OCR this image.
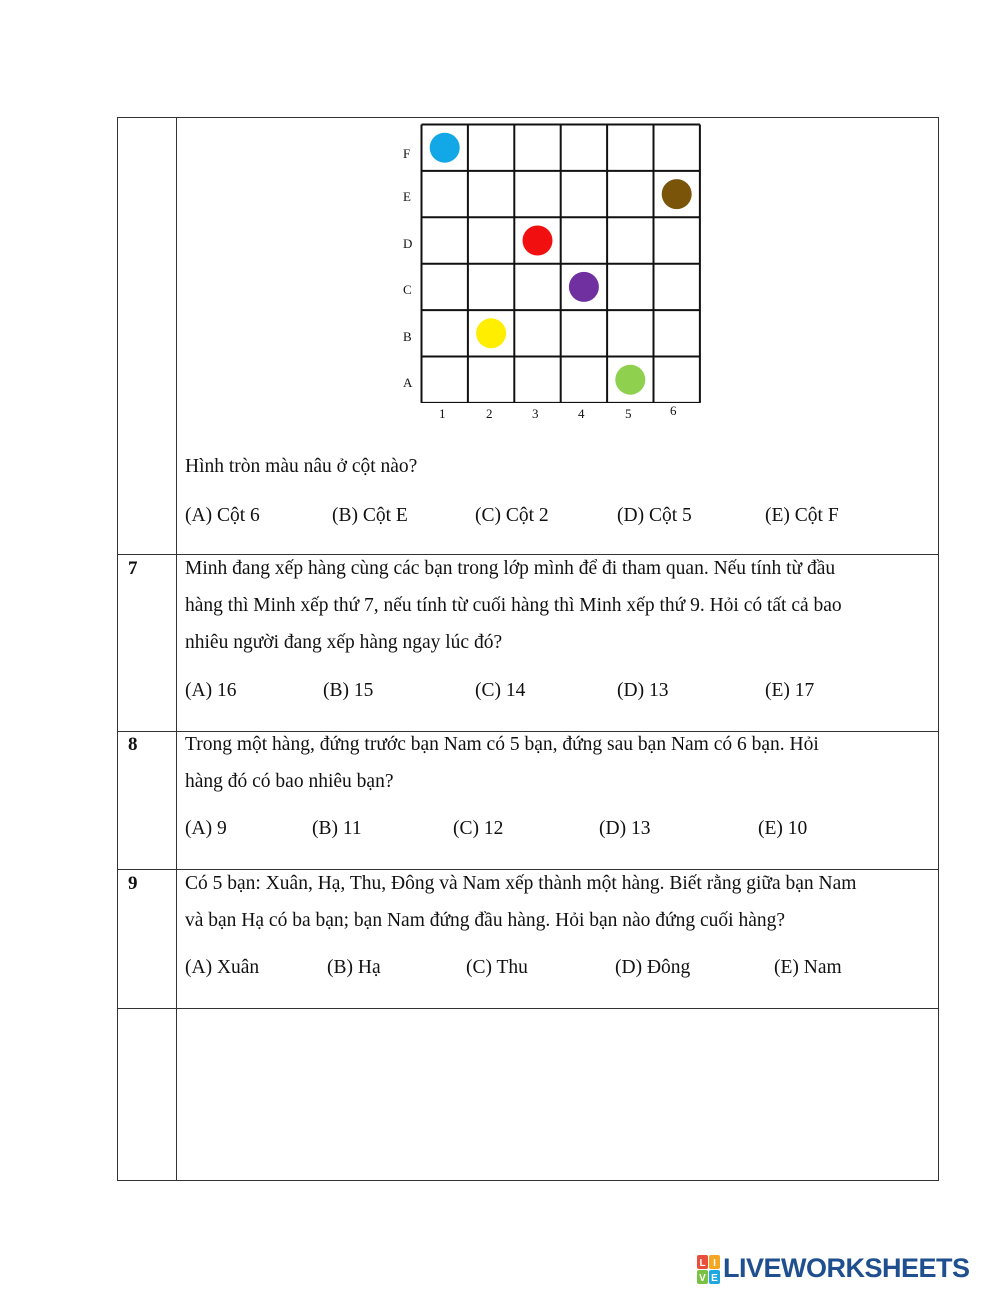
F
E
D
C
B
A
1	2	3	4	5	6
Hình tròn màu nâu ở cột nào?
(A) Cột 6	(B) Cột E	(C) Cột 2	(D) Cột 5	(E) Cột F
7 Minh đang xếp hàng cùng các bạn trong lớp mình để đi tham quan. Nếu tính từ đầu
hàng thì Minh xếp thứ 7, nếu tính từ cuối hàng thì Minh xếp thứ 9. Hỏi có tất cả bao
nhiêu người đang xếp hàng ngay lúc đó?
(A) 16	(B) 15	(C) 14	(D) 13	(E) 17
8 Trong một hàng, đứng trước bạn Nam có 5 bạn, đứng sau bạn Nam có 6 bạn. Hỏi
hàng đó có bao nhiêu bạn?
(A) 9	(B) 11	(C) 12	(D) 13	(E) 10
9 Có 5 bạn: Xuân, Hạ, Thu, Đông và Nam xếp thành một hàng. Biết rằng giữa bạn Nam
và bạn Hạ có ba bạn; bạn Nam đứng đầu hàng. Hỏi bạn nào đứng cuối hàng?
(A) Xuân	(B) Hạ	(C) Thu	(D) Đông	(E) Nam
L I
V E LIVEWORKSHEETS
